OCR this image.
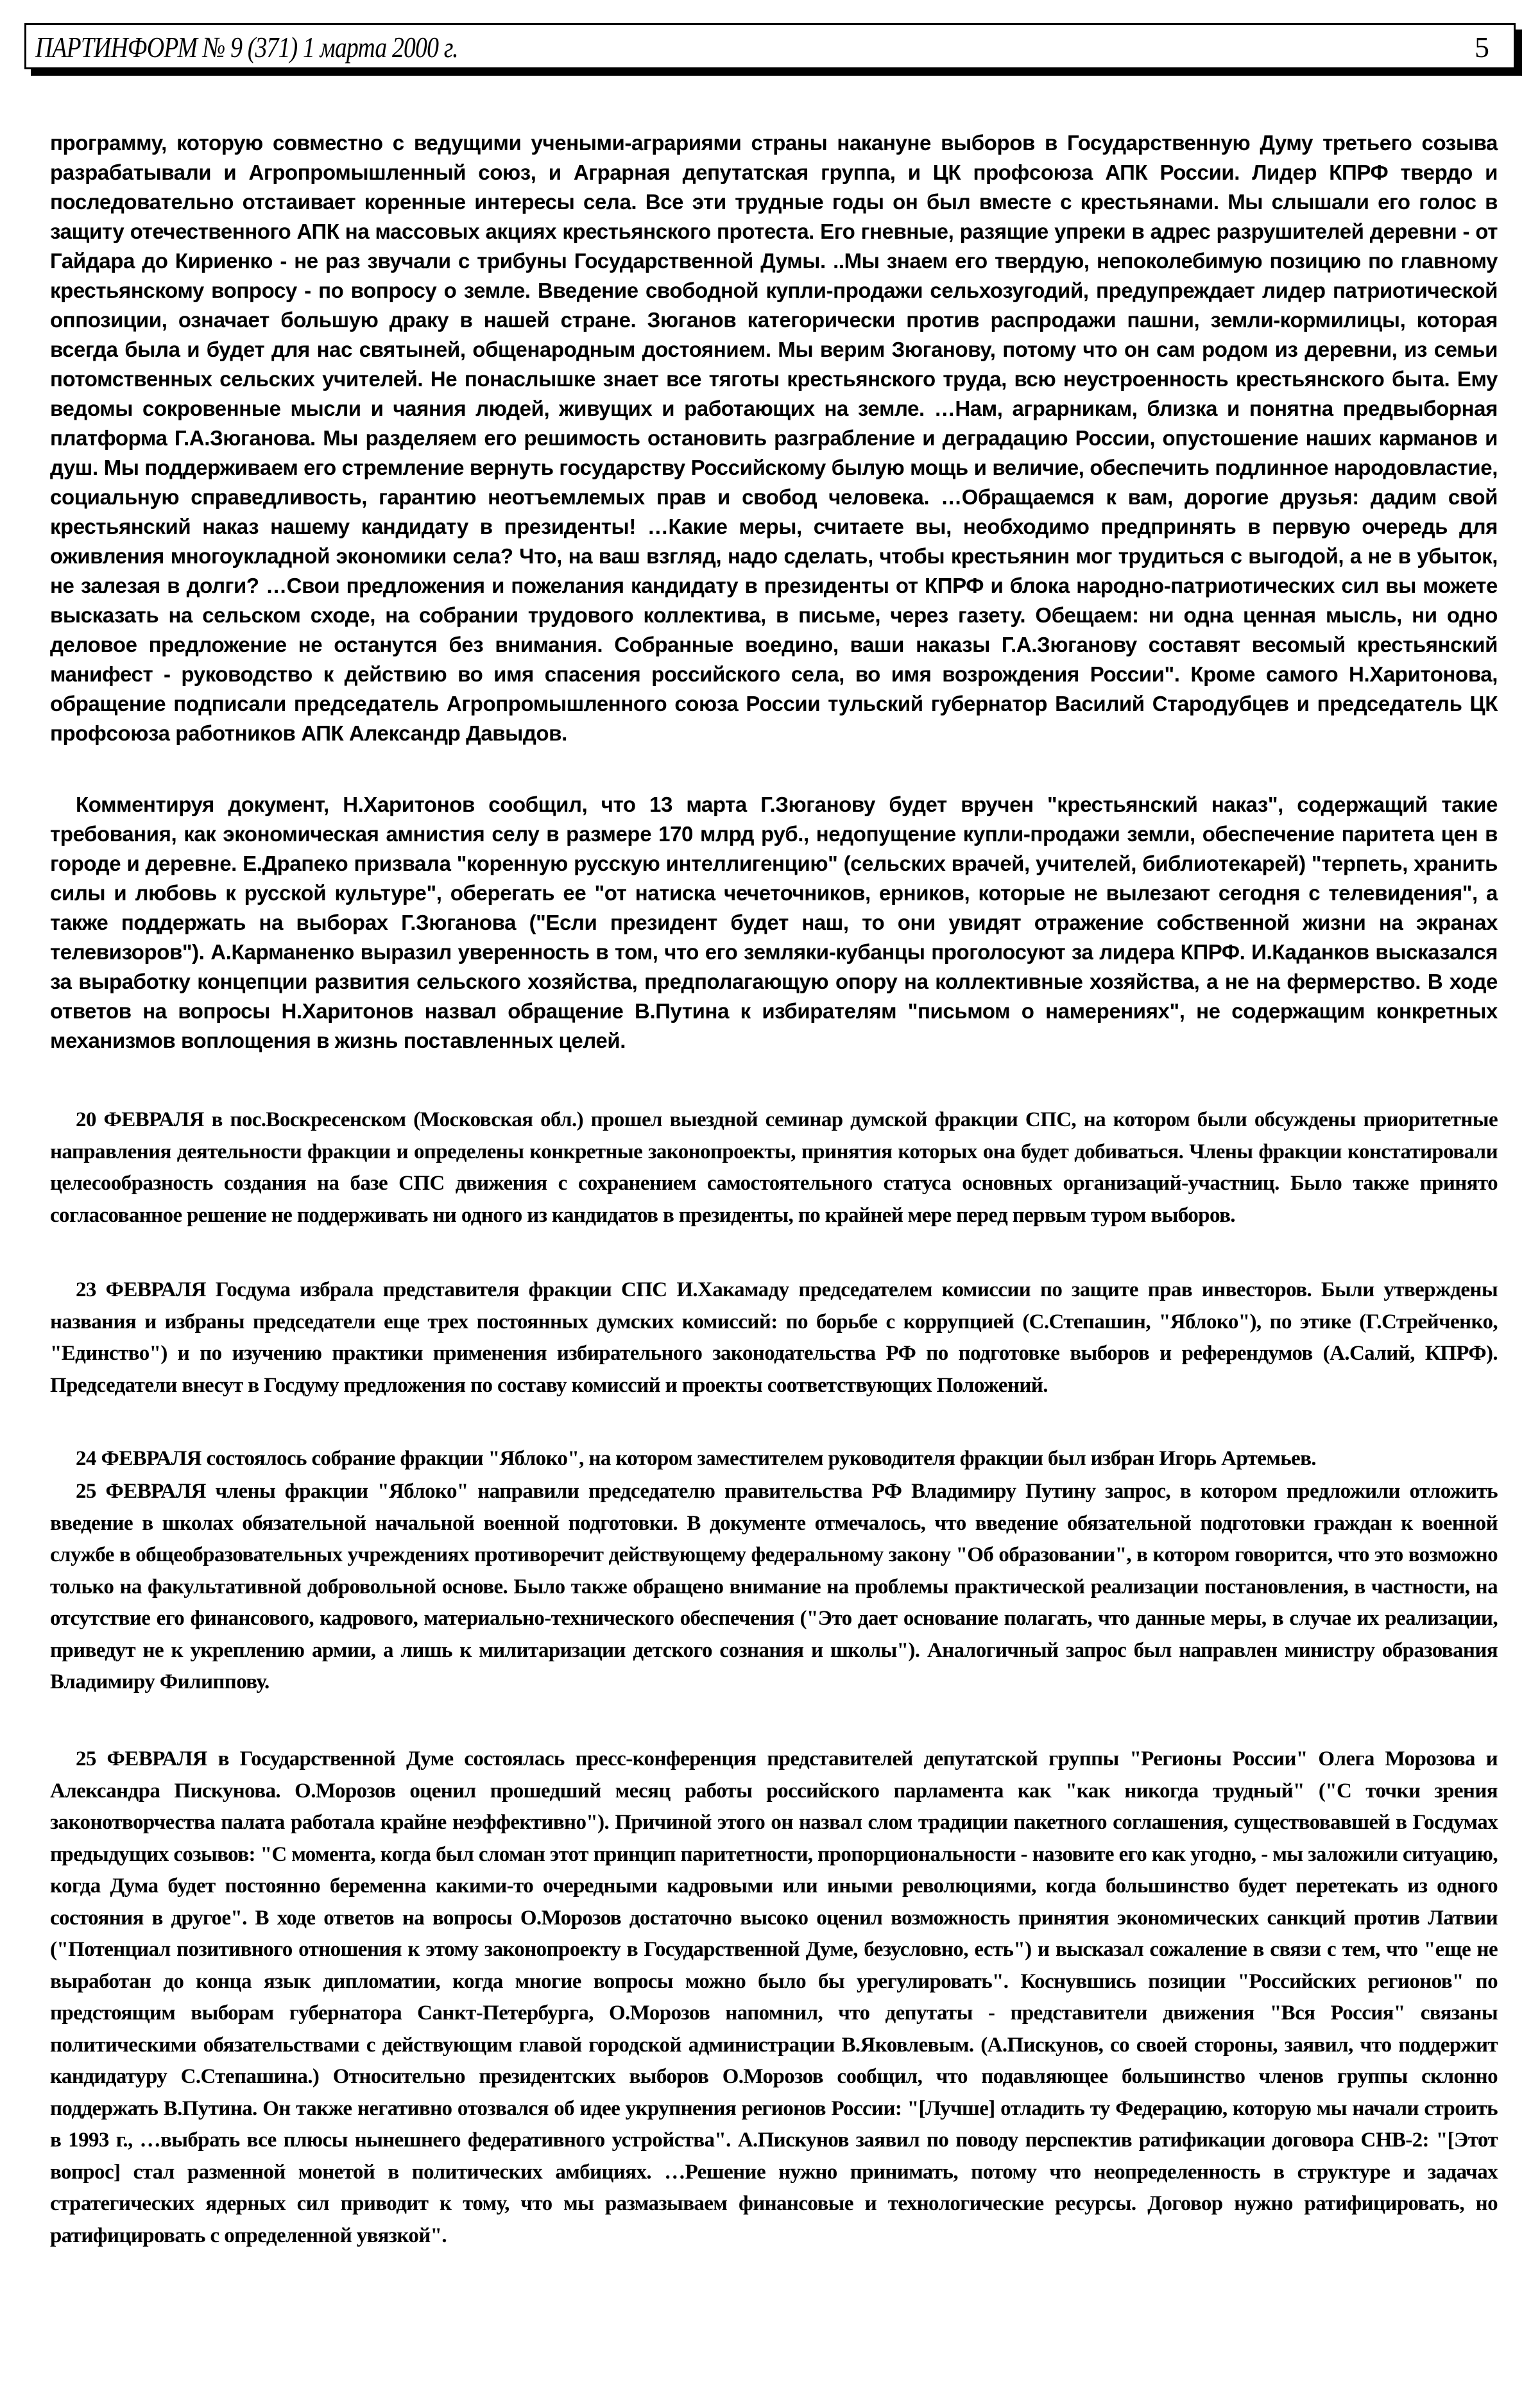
ПАРТИНФОРМ № 9 (371) 1 марта 2000 г.	5

программу, которую совместно с ведущими учеными-аграриями страны накануне выборов в Государственную Думу третьего созыва разрабатывали и Агропромышленный союз, и Аграрная депутатская группа, и ЦК профсоюза АПК России. Лидер КПРФ твердо и последовательно отстаивает коренные интересы села. Все эти трудные годы он был вместе с крестьянами. Мы слышали его голос в защиту отечественного АПК на массовых акциях крестьянского протеста. Его гневные, разящие упреки в адрес разрушителей деревни - от Гайдара до Кириенко - не раз звучали с трибуны Государственной Думы. ..Мы знаем его твердую, непоколебимую позицию по главному крестьянскому вопросу - по вопросу о земле. Введение свободной купли-продажи сельхозугодий, предупреждает лидер патриотической оппозиции, означает большую драку в нашей стране. Зюганов категорически против распродажи пашни, земли-кормилицы, которая всегда была и будет для нас святыней, общенародным достоянием. Мы верим Зюганову, потому что он сам родом из деревни, из семьи потомственных сельских учителей. Не понаслышке знает все тяготы крестьянского труда, всю неустроенность крестьянского быта. Ему ведомы сокровенные мысли и чаяния людей, живущих и работающих на земле. …Нам, аграрникам, близка и понятна предвыборная платформа Г.А.Зюганова. Мы разделяем его решимость остановить разграбление и деградацию России, опустошение наших карманов и душ. Мы поддерживаем его стремление вернуть государству Российскому былую мощь и величие, обеспечить подлинное народовластие, социальную справедливость, гарантию неотъемлемых прав и свобод человека. …Обращаемся к вам, дорогие друзья: дадим свой крестьянский наказ нашему кандидату в президенты! …Какие меры, считаете вы, необходимо предпринять в первую очередь для оживления многоукладной экономики села? Что, на ваш взгляд, надо сделать, чтобы крестьянин мог трудиться с выгодой, а не в убыток, не залезая в долги? …Свои предложения и пожелания кандидату в президенты от КПРФ и блока народно-патриотических сил вы можете высказать на сельском сходе, на собрании трудового коллектива, в письме, через газету. Обещаем: ни одна ценная мысль, ни одно деловое предложение не останутся без внимания. Собранные воедино, ваши наказы Г.А.Зюганову составят весомый крестьянский манифест - руководство к действию во имя спасения российского села, во имя возрождения России". Кроме самого Н.Харитонова, обращение подписали председатель Агропромышленного союза России тульский губернатор Василий Стародубцев и председатель ЦК профсоюза работников АПК Александр Давыдов.

Комментируя документ, Н.Харитонов сообщил, что 13 марта Г.Зюганову будет вручен "крестьянский наказ", содержащий такие требования, как экономическая амнистия селу в размере 170 млрд руб., недопущение купли-продажи земли, обеспечение паритета цен в городе и деревне. Е.Драпеко призвала "коренную русскую интеллигенцию" (сельских врачей, учителей, библиотекарей) "терпеть, хранить силы и любовь к русской культуре", оберегать ее "от натиска чечеточников, ерников, которые не вылезают сегодня с телевидения", а также поддержать на выборах Г.Зюганова ("Если президент будет наш, то они увидят отражение собственной жизни на экранах телевизоров"). А.Карманенко выразил уверенность в том, что его земляки-кубанцы проголосуют за лидера КПРФ. И.Каданков высказался за выработку концепции развития сельского хозяйства, предполагающую опору на коллективные хозяйства, а не на фермерство. В ходе ответов на вопросы Н.Харитонов назвал обращение В.Путина к избирателям "письмом о намерениях", не содержащим конкретных механизмов воплощения в жизнь поставленных целей.

20 ФЕВРАЛЯ в пос.Воскресенском (Московская обл.) прошел выездной семинар думской фракции СПС, на котором были обсуждены приоритетные направления деятельности фракции и определены конкретные законопроекты, принятия которых она будет добиваться. Члены фракции констатировали целесообразность создания на базе СПС движения с сохранением самостоятельного статуса основных организаций-участниц. Было также принято согласованное решение не поддерживать ни одного из кандидатов в президенты, по крайней мере перед первым туром выборов.

23 ФЕВРАЛЯ Госдума избрала представителя фракции СПС И.Хакамаду председателем комиссии по защите прав инвесторов. Были утверждены названия и избраны председатели еще трех постоянных думских комиссий: по борьбе с коррупцией (С.Степашин, "Яблоко"), по этике (Г.Стрейченко, "Единство") и по изучению практики применения избирательного законодательства РФ по подготовке выборов и референдумов (А.Салий, КПРФ). Председатели внесут в Госдуму предложения по составу комиссий и проекты соответствующих Положений.

24 ФЕВРАЛЯ состоялось собрание фракции "Яблоко", на котором заместителем руководителя фракции был избран Игорь Артемьев.

25 ФЕВРАЛЯ члены фракции "Яблоко" направили председателю правительства РФ Владимиру Путину запрос, в котором предложили отложить введение в школах обязательной начальной военной подготовки. В документе отмечалось, что введение обязательной подготовки граждан к военной службе в общеобразовательных учреждениях противоречит действующему федеральному закону "Об образовании", в котором говорится, что это возможно только на факультативной добровольной основе. Было также обращено внимание на проблемы практической реализации постановления, в частности, на отсутствие его финансового, кадрового, материально-технического обеспечения ("Это дает основание полагать, что данные меры, в случае их реализации, приведут не к укреплению армии, а лишь к милитаризации детского сознания и школы"). Аналогичный запрос был направлен министру образования Владимиру Филиппову.

25 ФЕВРАЛЯ в Государственной Думе состоялась пресс-конференция представителей депутатской группы "Регионы России" Олега Морозова и Александра Пискунова. О.Морозов оценил прошедший месяц работы российского парламента как "как никогда трудный" ("С точки зрения законотворчества палата работала крайне неэффективно"). Причиной этого он назвал слом традиции пакетного соглашения, существовавшей в Госдумах предыдущих созывов: "С момента, когда был сломан этот принцип паритетности, пропорциональности - назовите его как угодно, - мы заложили ситуацию, когда Дума будет постоянно беременна какими-то очередными кадровыми или иными революциями, когда большинство будет перетекать из одного состояния в другое". В ходе ответов на вопросы О.Морозов достаточно высоко оценил возможность принятия экономических санкций против Латвии ("Потенциал позитивного отношения к этому законопроекту в Государственной Думе, безусловно, есть") и высказал сожаление в связи с тем, что "еще не выработан до конца язык дипломатии, когда многие вопросы можно было бы урегулировать". Коснувшись позиции "Российских регионов" по предстоящим выборам губернатора Санкт-Петербурга, О.Морозов напомнил, что депутаты - представители движения "Вся Россия" связаны политическими обязательствами с действующим главой городской администрации В.Яковлевым. (А.Пискунов, со своей стороны, заявил, что поддержит кандидатуру С.Степашина.) Относительно президентских выборов О.Морозов сообщил, что подавляющее большинство членов группы склонно поддержать В.Путина. Он также негативно отозвался об идее укрупнения регионов России: "[Лучше] отладить ту Федерацию, которую мы начали строить в 1993 г., …выбрать все плюсы нынешнего федеративного устройства". А.Пискунов заявил по поводу перспектив ратификации договора СНВ-2: "[Этот вопрос] стал разменной монетой в политических амбициях. …Решение нужно принимать, потому что неопределенность в структуре и задачах стратегических ядерных сил приводит к тому, что мы размазываем финансовые и технологические ресурсы. Договор нужно ратифицировать, но ратифицировать с определенной увязкой".
